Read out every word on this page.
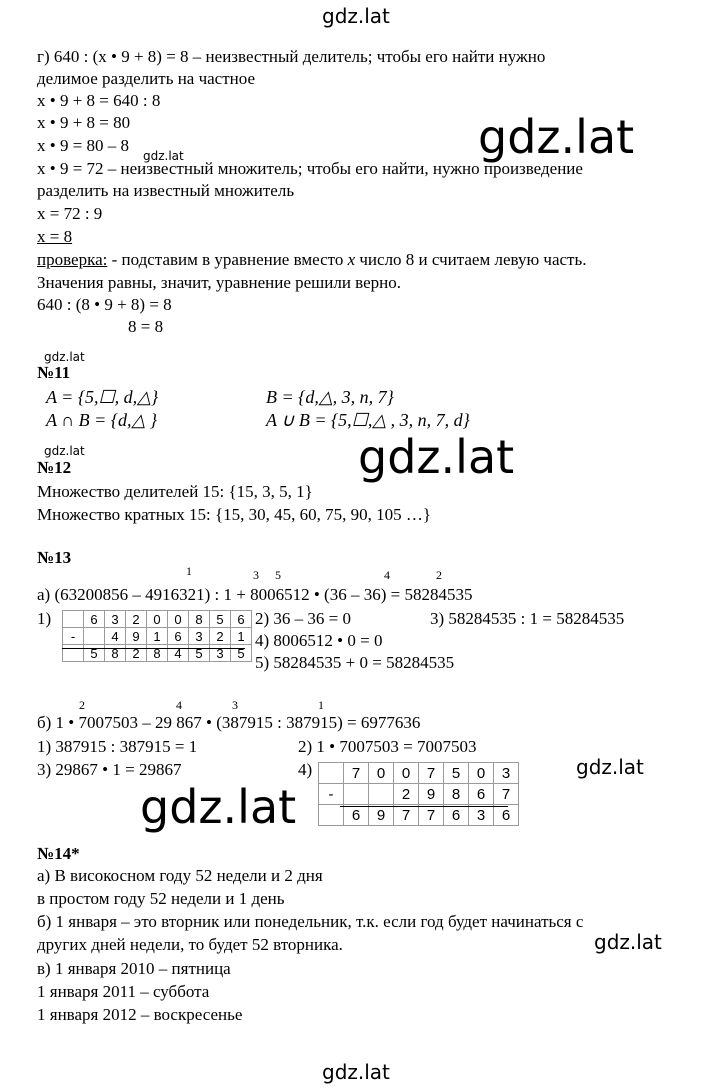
gdz.lat
gdz.lat
gdz.lat
gdz.lat
gdz.lat	gdz.lat
gdz.lat
gdz.lat
gdz.lat
gdz.lat
г) 640 : (х • 9 + 8) = 8 – неизвестный делитель; чтобы его найти нужно
делимое разделить на частное
х • 9 + 8 = 640 : 8
х • 9 + 8 = 80
х • 9 = 80 – 8
х • 9 = 72 – неизвестный множитель; чтобы его найти, нужно произведение
разделить на известный множитель
х = 72 : 9
х = 8
проверка: - подставим в уравнение вместо x число 8 и считаем левую часть.
Значения равны, значит, уравнение решили верно.
640 : (8 • 9 + 8) = 8
8 = 8
№11
A = {5,☐, d,△}	B = {d,△, 3, n, 7}
A ∩ B = {d,△ }	A ∪ B = {5,☐,△ , 3, n, 7, d}
№12
Множество делителей 15: {15, 3, 5, 1}
Множество кратных 15: {15, 30, 45, 60, 75, 90, 105 …}
№13
1	3 5	4	2
а) (63200856 – 4916321) : 1 + 8006512 • (36 – 36) = 58284535
1)
		6	3	2	0	0	8	5	6
-		4	9	1	6	3	2	1
	5	8	2	8	4	5	3	5
2) 36 – 36 = 0	3) 58284535 : 1 = 58284535
4) 8006512 • 0 = 0
5) 58284535 + 0 = 58284535
2	4	3	1
б) 1 • 7007503 – 29 867 • (387915 : 387915) = 6977636
1) 387915 : 387915 = 1	2) 1 • 7007503 = 7007503
3) 29867 • 1 = 29867	4)
		7	0	0	7	5	0	3
-			2	9	8	6	7
	6	9	7	7	6	3	6
№14*
а) В високосном году 52 недели и 2 дня
в простом году 52 недели и 1 день
б) 1 января – это вторник или понедельник, т.к. если год будет начинаться с
других дней недели, то будет 52 вторника.
в) 1 января 2010 – пятница
1 января 2011 – суббота
1 января 2012 – воскресенье
